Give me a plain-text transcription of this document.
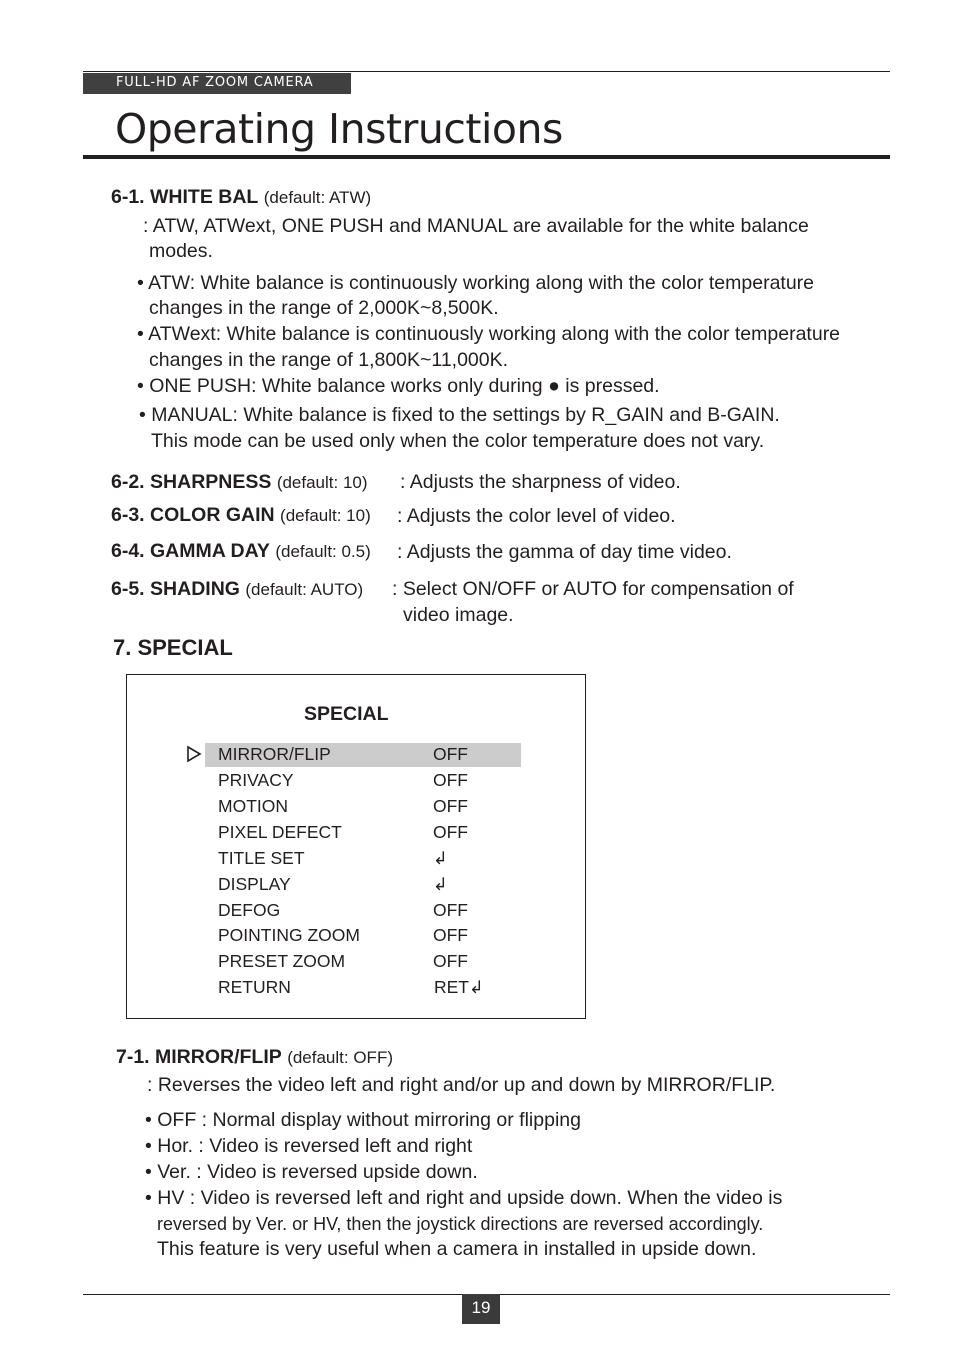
FULL-HD AF ZOOM CAMERA
Operating Instructions
6-1. WHITE BAL (default: ATW)
: ATW, ATWext, ONE PUSH and MANUAL are available for the white balance
modes.
• ATW: White balance is continuously working along with the color temperature
changes in the range of 2,000K~8,500K.
• ATWext: White balance is continuously working along with the color temperature
changes in the range of 1,800K~11,000K.
• ONE PUSH: White balance works only during ● is pressed.
• MANUAL: White balance is fixed to the settings by R_GAIN and B-GAIN.
This mode can be used only when the color temperature does not vary.
6-2. SHARPNESS (default: 10) : Adjusts the sharpness of video.
6-3. COLOR GAIN (default: 10) : Adjusts the color level of video.
6-4. GAMMA DAY (default: 0.5) : Adjusts the gamma of day time video.
6-5. SHADING (default: AUTO) : Select ON/OFF or AUTO for compensation of
video image.
7. SPECIAL
SPECIAL
MIRROR/FLIP	OFF
PRIVACY	OFF
MOTION	OFF
PIXEL DEFECT	OFF
TITLE SET	↲
DISPLAY	↲
DEFOG	OFF
POINTING ZOOM	OFF
PRESET ZOOM	OFF
RETURN	RET↲
7-1. MIRROR/FLIP (default: OFF)
: Reverses the video left and right and/or up and down by MIRROR/FLIP.
• OFF : Normal display without mirroring or flipping
• Hor. : Video is reversed left and right
• Ver. : Video is reversed upside down.
• HV : Video is reversed left and right and upside down. When the video is
reversed by Ver. or HV, then the joystick directions are reversed accordingly.
This feature is very useful when a camera in installed in upside down.
19
